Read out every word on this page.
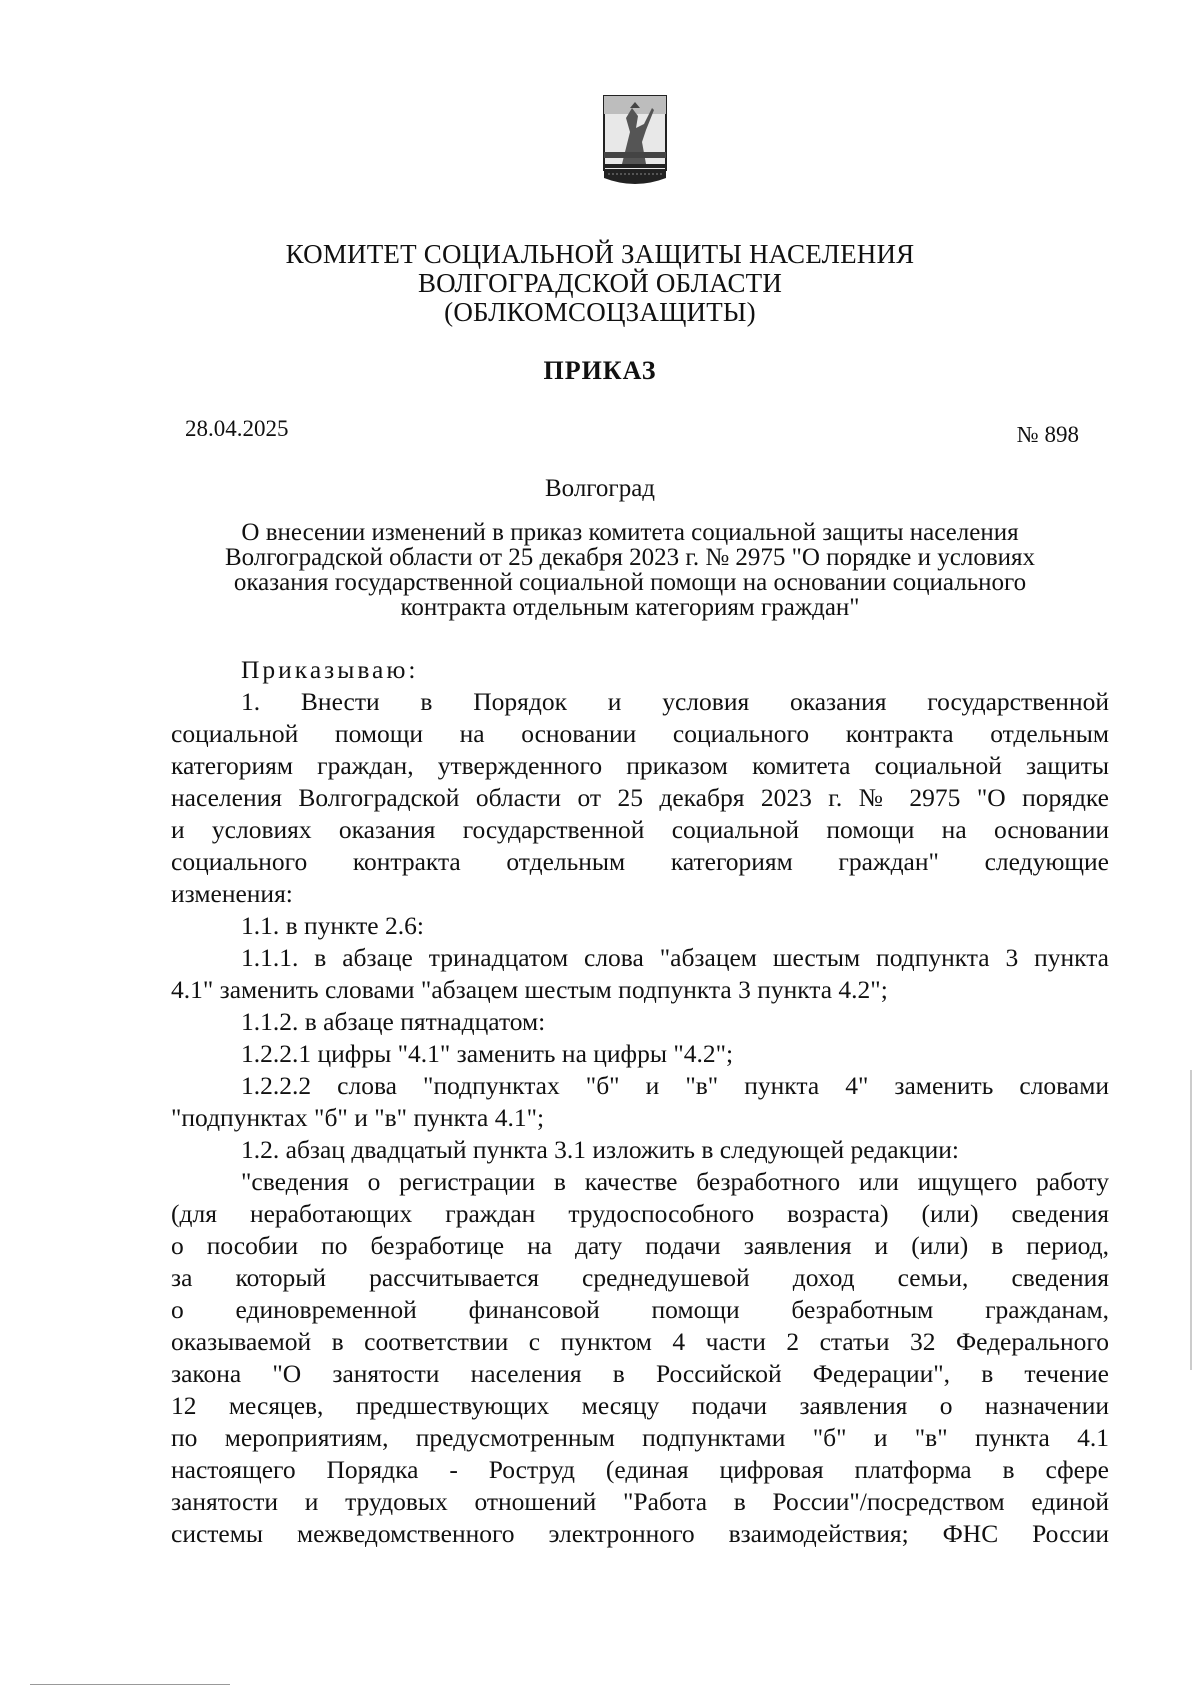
КОМИТЕТ СОЦИАЛЬНОЙ ЗАЩИТЫ НАСЕЛЕНИЯ
ВОЛГОГРАДСКОЙ ОБЛАСТИ
(ОБЛКОМСОЦЗАЩИТЫ)
ПРИКАЗ
28.04.2025	№ 898
Волгоград
О внесении изменений в приказ комитета социальной защиты населения
Волгоградской области от 25 декабря 2023 г. № 2975 "О порядке и условиях
оказания государственной социальной помощи на основании социального
контракта отдельным категориям граждан"

Приказываю:

1. Внести в Порядок и условия оказания государственной

социальной помощи на основании социального контракта отдельным

категориям граждан, утвержденного приказом комитета социальной защиты

населения Волгоградской области от 25 декабря 2023 г. № 2975 "О порядке

и условиях оказания государственной социальной помощи на основании

социального контракта отдельным категориям граждан" следующие

изменения:

1.1. в пункте 2.6:

1.1.1. в абзаце тринадцатом слова "абзацем шестым подпункта 3 пункта

4.1" заменить словами "абзацем шестым подпункта 3 пункта 4.2";

1.1.2. в абзаце пятнадцатом:

1.2.2.1 цифры "4.1" заменить на цифры "4.2";

1.2.2.2 слова "подпунктах "б" и "в" пункта 4" заменить словами

"подпунктах "б" и "в" пункта 4.1";

1.2. абзац двадцатый пункта 3.1 изложить в следующей редакции:

"сведения о регистрации в качестве безработного или ищущего работу

(для неработающих граждан трудоспособного возраста) (или) сведения

о пособии по безработице на дату подачи заявления и (или) в период,

за который рассчитывается среднедушевой доход семьи, сведения

о единовременной финансовой помощи безработным гражданам,

оказываемой в соответствии с пунктом 4 части 2 статьи 32 Федерального

закона "О занятости населения в Российской Федерации", в течение

12 месяцев, предшествующих месяцу подачи заявления о назначении

по мероприятиям, предусмотренным подпунктами "б" и "в" пункта 4.1

настоящего Порядка - Роструд (единая цифровая платформа в сфере

занятости и трудовых отношений "Работа в России"/посредством единой

системы межведомственного электронного взаимодействия; ФНС России
